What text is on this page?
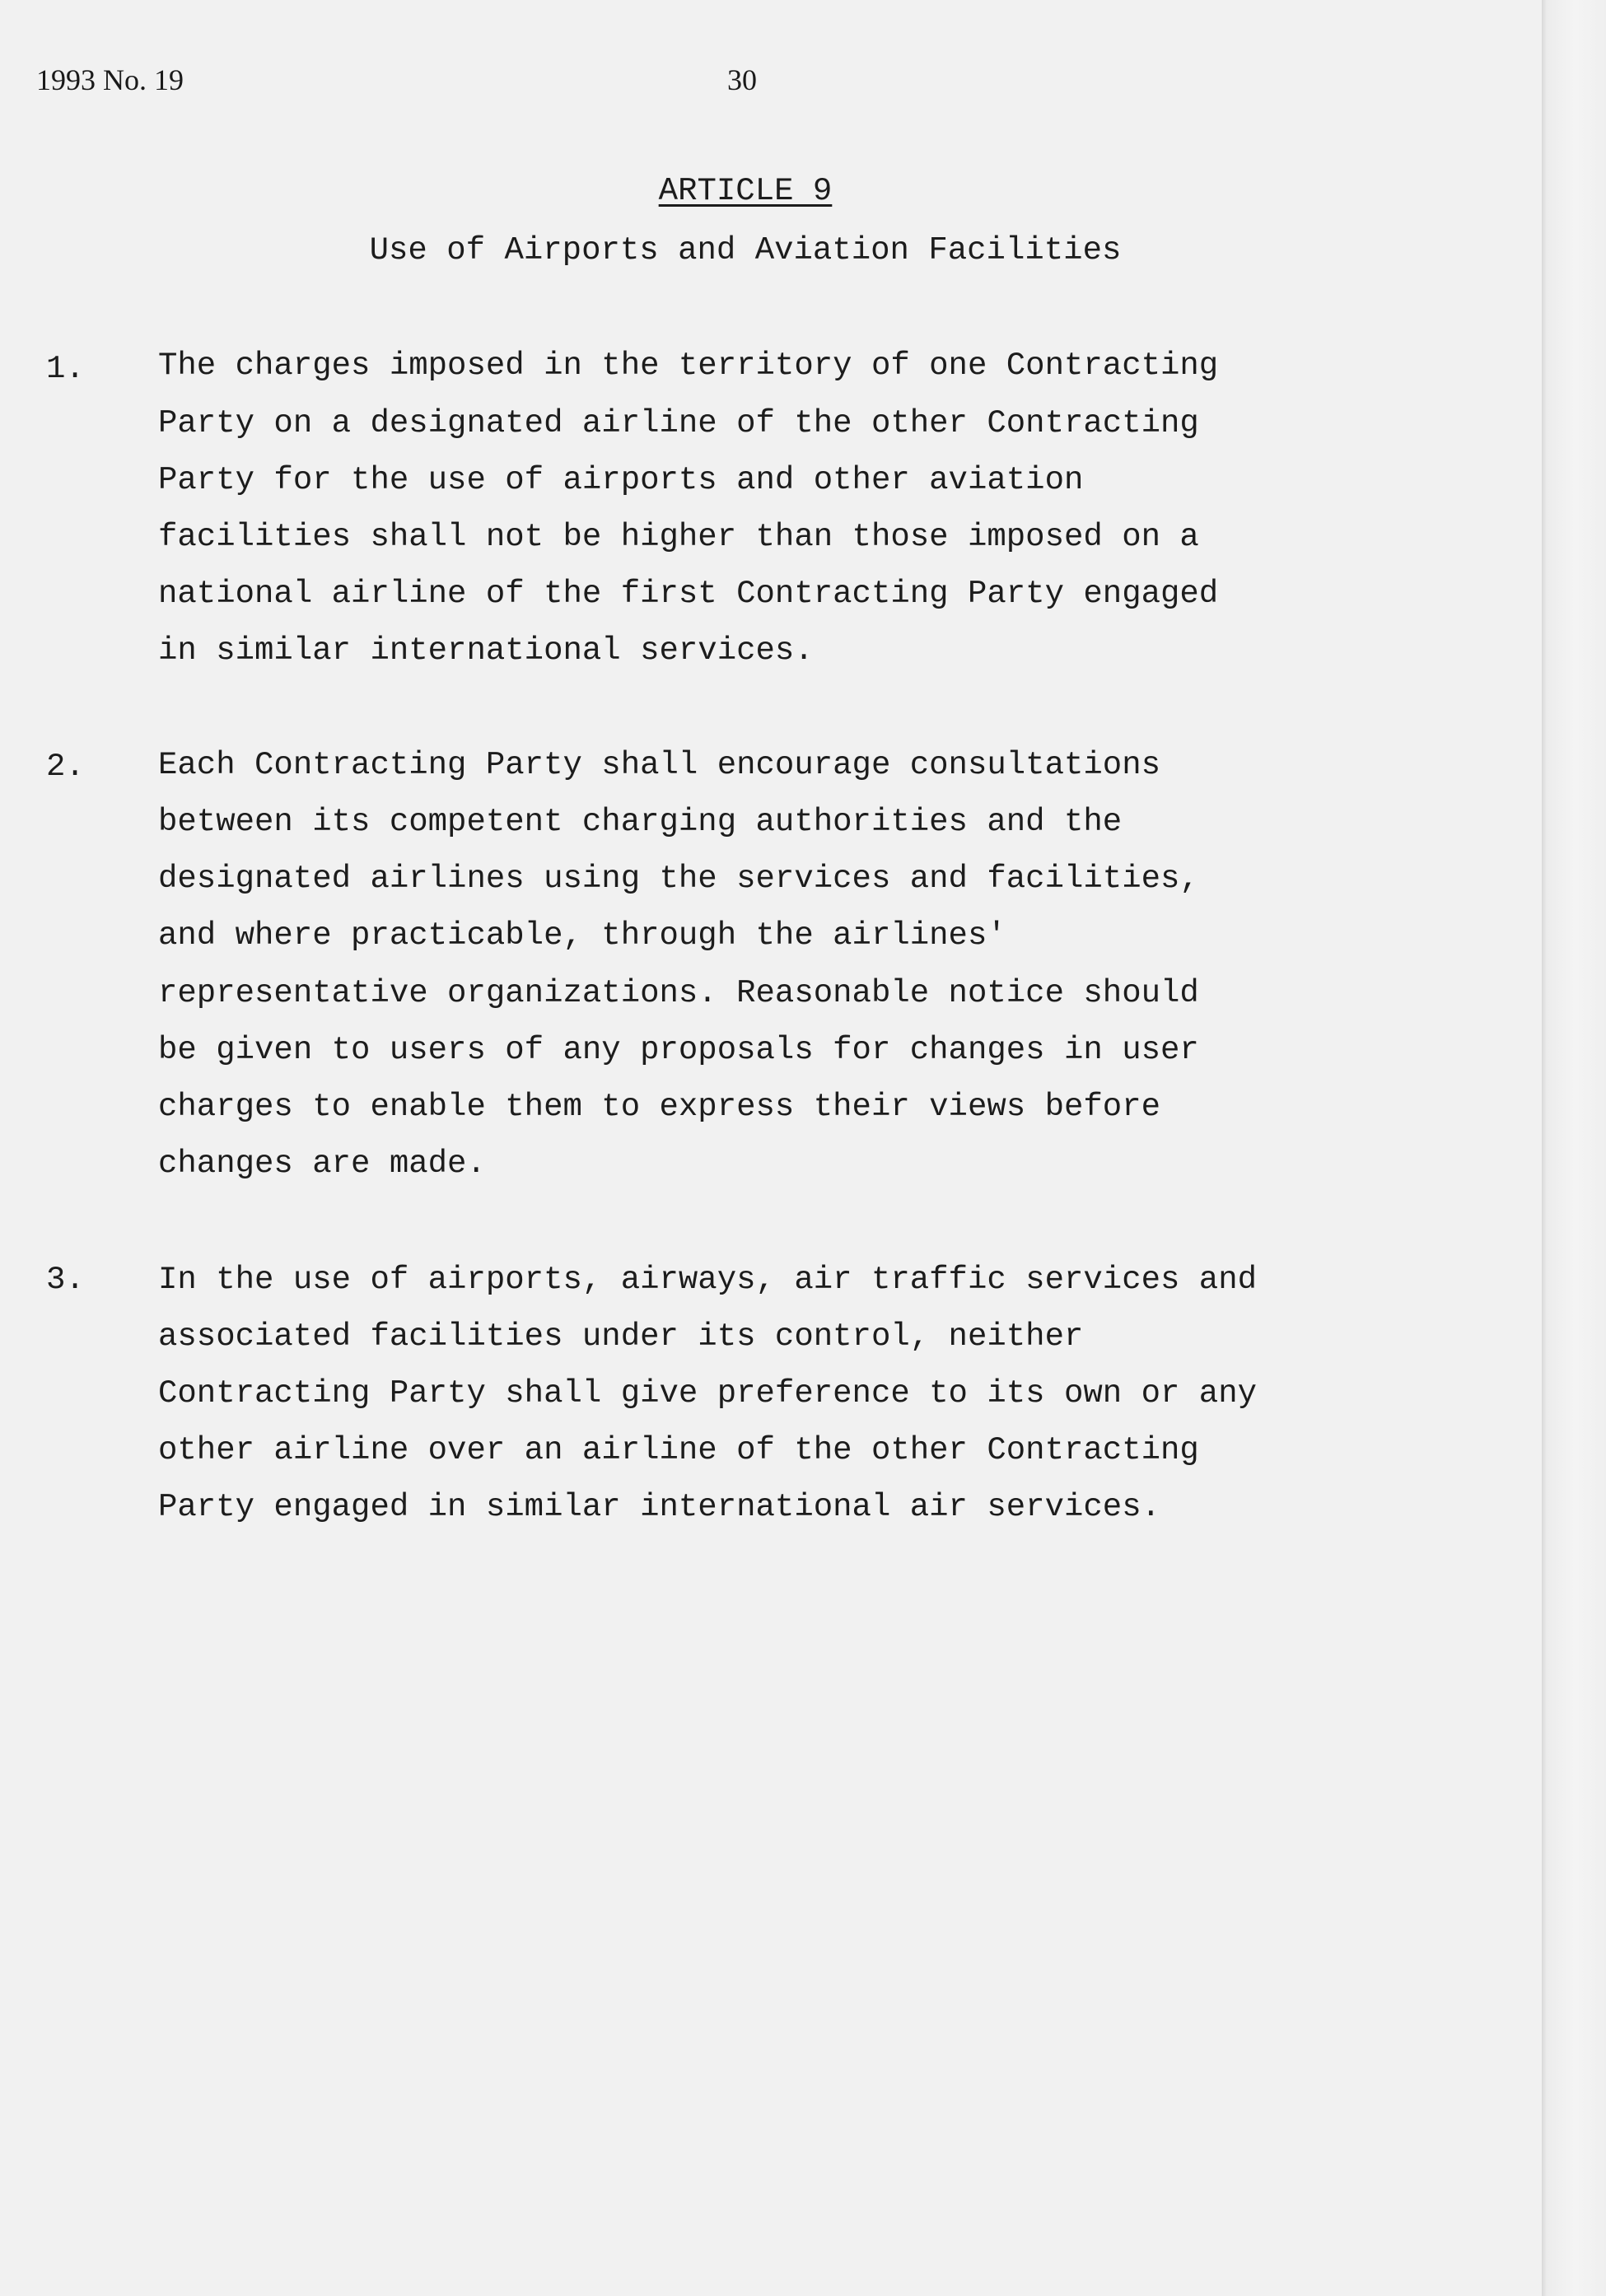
1993 No. 19	30
ARTICLE 9
Use of Airports and Aviation Facilities
1. The charges imposed in the territory of one Contracting
Party on a designated airline of the other Contracting
Party for the use of airports and other aviation
facilities shall not be higher than those imposed on a
national airline of the first Contracting Party engaged
in similar international services.
2. Each Contracting Party shall encourage consultations
between its competent charging authorities and the
designated airlines using the services and facilities,
and where practicable, through the airlines'
representative organizations. Reasonable notice should
be given to users of any proposals for changes in user
charges to enable them to express their views before
changes are made.
3. In the use of airports, airways, air traffic services and
associated facilities under its control, neither
Contracting Party shall give preference to its own or any
other airline over an airline of the other Contracting
Party engaged in similar international air services.
